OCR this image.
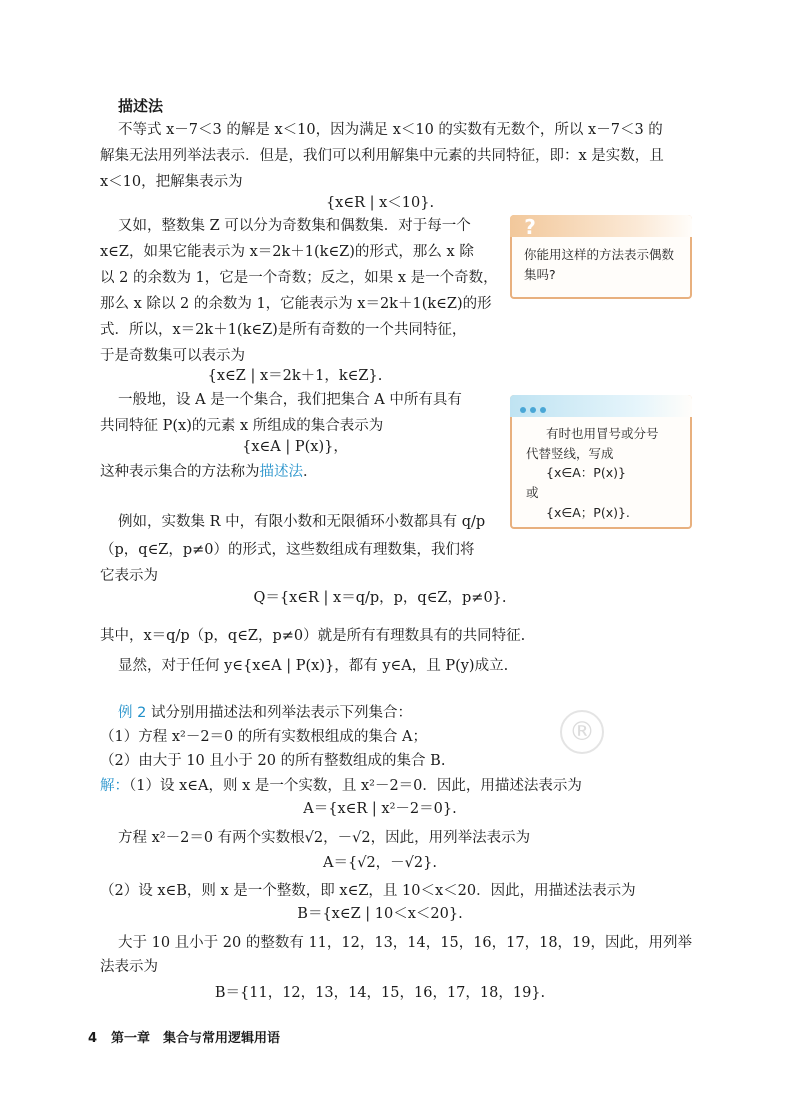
描述法
不等式 x－7＜3 的解是 x＜10，因为满足 x＜10 的实数有无数个，所以 x－7＜3 的
解集无法用列举法表示．但是，我们可以利用解集中元素的共同特征，即：x 是实数，且
x＜10，把解集表示为
{x∈R | x＜10}.
又如，整数集 Z 可以分为奇数集和偶数集．对于每一个
x∈Z，如果它能表示为 x＝2k＋1(k∈Z)的形式，那么 x 除
以 2 的余数为 1，它是一个奇数；反之，如果 x 是一个奇数，
那么 x 除以 2 的余数为 1，它能表示为 x＝2k＋1(k∈Z)的形
式．所以，x＝2k＋1(k∈Z)是所有奇数的一个共同特征，
于是奇数集可以表示为
{x∈Z | x＝2k＋1，k∈Z}.
一般地，设 A 是一个集合，我们把集合 A 中所有具有
共同特征 P(x)的元素 x 所组成的集合表示为
{x∈A | P(x)}，
这种表示集合的方法称为描述法．
例如，实数集 R 中，有限小数和无限循环小数都具有 q/p
（p，q∈Z，p≠0）的形式，这些数组成有理数集，我们将
它表示为
Q＝{x∈R | x＝q/p，p，q∈Z，p≠0}.
其中，x＝q/p（p，q∈Z，p≠0）就是所有有理数具有的共同特征.
显然，对于任何 y∈{x∈A | P(x)}，都有 y∈A，且 P(y)成立.
例 2 试分别用描述法和列举法表示下列集合：
（1）方程 x²－2＝0 的所有实数根组成的集合 A；
（2）由大于 10 且小于 20 的所有整数组成的集合 B.
解：（1）设 x∈A，则 x 是一个实数，且 x²－2＝0．因此，用描述法表示为
A＝{x∈R | x²－2＝0}.
方程 x²－2＝0 有两个实数根√2，－√2，因此，用列举法表示为
A＝{√2，－√2}.
（2）设 x∈B，则 x 是一个整数，即 x∈Z，且 10＜x＜20．因此，用描述法表示为
B＝{x∈Z | 10＜x＜20}.
大于 10 且小于 20 的整数有 11，12，13，14，15，16，17，18，19，因此，用列举
法表示为
B＝{11，12，13，14，15，16，17，18，19}.
?
你能用这样的方法表示偶数集吗?
有时也用冒号或分号
代替竖线，写成
{x∈A：P(x)}
或
{x∈A；P(x)}.
®
4 第一章　集合与常用逻辑用语
